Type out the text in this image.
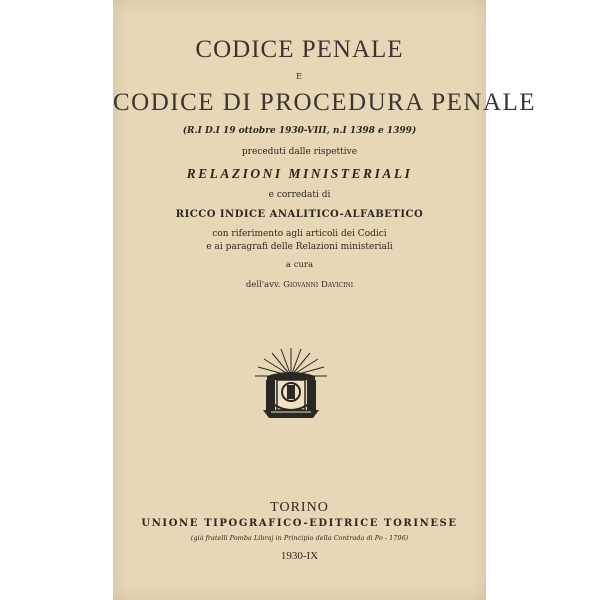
CODICE PENALE
E
CODICE DI PROCEDURA PENALE
(R.I D.I 19 ottobre 1930-VIII, n.I 1398 e 1399)
preceduti dalle rispettive
RELAZIONI MINISTERIALI
e corredati di
RICCO INDICE ANALITICO-ALFABETICO
con riferimento agli articoli dei Codici
e ai paragrafi delle Relazioni ministeriali
a cura
dell'avv. Giovanni Davicini
TORINO
UNIONE TIPOGRAFICO-EDITRICE TORINESE
(già fratelli Pomba Libraj in Principio della Contrada di Po - 1796)
1930-IX
